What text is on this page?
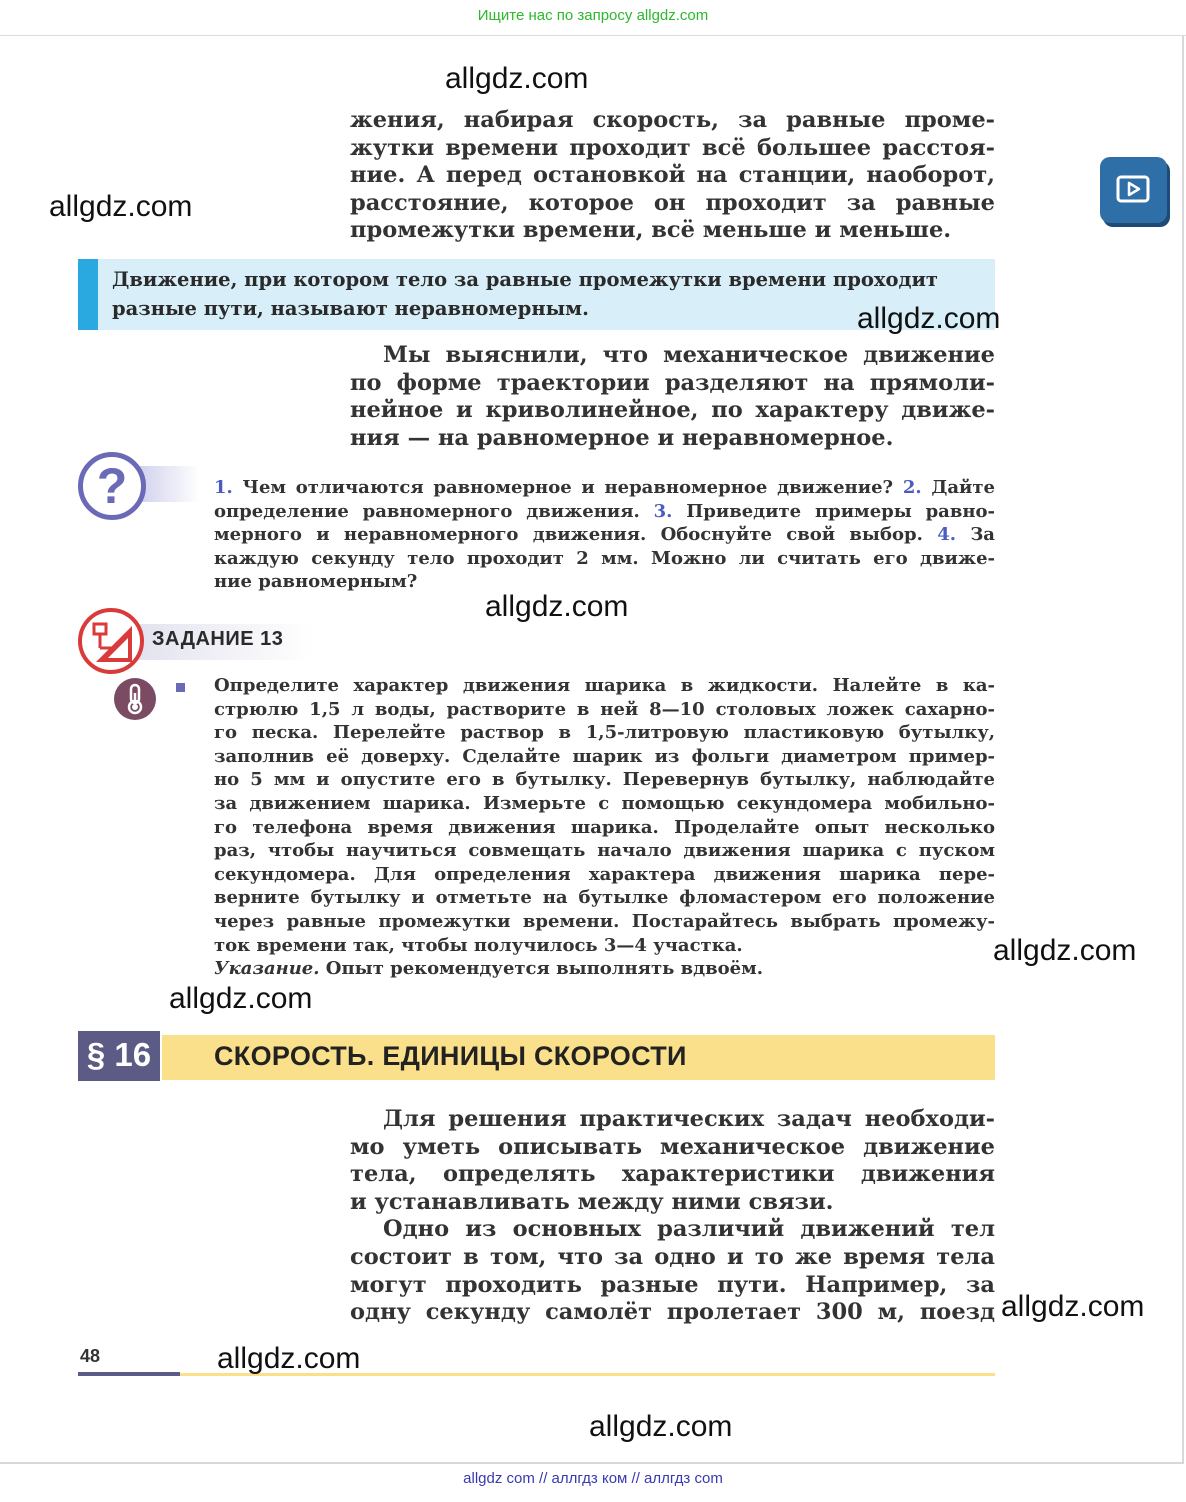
Ищите нас по запросу allgdz.com
жения, набирая скорость, за равные проме-
жутки времени проходит всё большее расстоя-
ние. А перед остановкой на станции, наоборот,
расстояние, которое он проходит за равные
промежутки времени, всё меньше и меньше.
Движение, при котором тело за равные промежутки времени проходит
разные пути, называют неравномерным.
Мы выяснили, что механическое движение
по форме траектории разделяют на прямоли-
нейное и криволинейное, по характеру движе-
ния — на равномерное и неравномерное.
?	1. Чем отличаются равномерное и неравномерное движение? 2. Дайте
определение равномерного движения. 3. Приведите примеры равно-
мерного и неравномерного движения. Обоснуйте свой выбор. 4. За
каждую секунду тело проходит 2 мм. Можно ли считать его движе-
ние равномерным?
ЗАДАНИЕ 13
Определите характер движения шарика в жидкости. Налейте в ка-
стрюлю 1,5 л воды, растворите в ней 8—10 столовых ложек сахарно-
го песка. Перелейте раствор в 1,5-литровую пластиковую бутылку,
заполнив её доверху. Сделайте шарик из фольги диаметром пример-
но 5 мм и опустите его в бутылку. Перевернув бутылку, наблюдайте
за движением шарика. Измерьте с помощью секундомера мобильно-
го телефона время движения шарика. Проделайте опыт несколько
раз, чтобы научиться совмещать начало движения шарика с пуском
секундомера. Для определения характера движения шарика пере-
верните бутылку и отметьте на бутылке фломастером его положение
через равные промежутки времени. Постарайтесь выбрать промежу-
ток времени так, чтобы получилось 3—4 участка.
Указание. Опыт рекомендуется выполнять вдвоём.
§ 16	СКОРОСТЬ. ЕДИНИЦЫ СКОРОСТИ
Для решения практических задач необходи-
мо уметь описывать механическое движение
тела, определять характеристики движения
и устанавливать между ними связи.
Одно из основных различий движений тел
состоит в том, что за одно и то же время тела
могут проходить разные пути. Например, за
одну секунду самолёт пролетает 300 м, поезд
48
allgdz.com
allgdz.com
allgdz.com
allgdz.com
allgdz.com
allgdz.com
allgdz.com
allgdz.com
allgdz.com
allgdz com // аллгдз ком // аллгдз com
